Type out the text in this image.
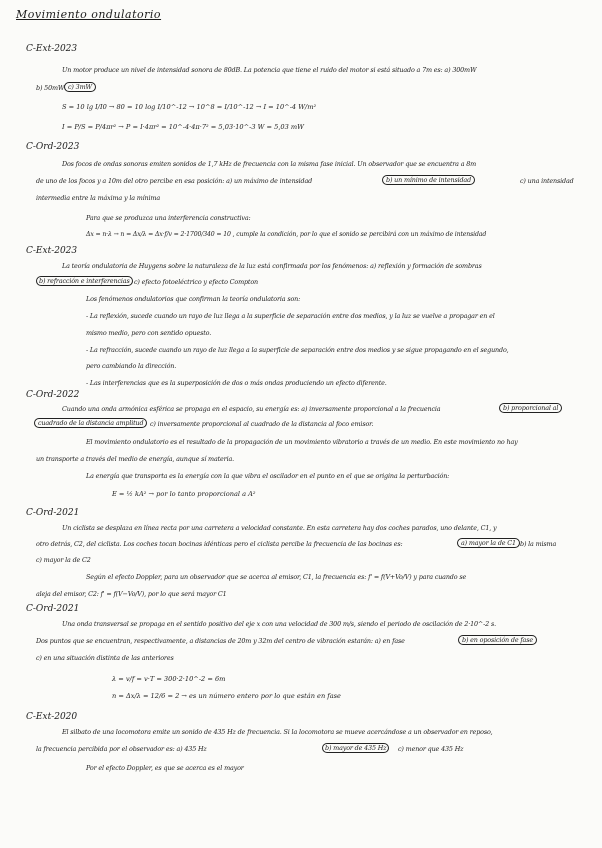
Movimiento ondulatorio
C-Ext-2023
Un motor produce un nivel de intensidad sonora de 80dB. La potencia que tiene el ruido del motor si está situado a 7m es: a) 300mW
b) 50mW c) 3mW
S = 10 lg I/I0 → 80 = 10 log I/10^-12 → 10^8 = I/10^-12 → I = 10^-4 W/m²
I = P/S = P/4πr² → P = I·4πr² = 10^-4·4π·7² = 5,03·10^-3 W = 5,03 mW
C-Ord-2023
Dos focos de ondas sonoras emiten sonidos de 1,7 kHz de frecuencia con la misma fase inicial. Un observador que se encuentra a 8m
de uno de los focos y a 10m del otro percibe en esa posición: a) un máximo de intensidad	b) un mínimo de intensidad	c) una intensidad
intermedia entre la máxima y la mínima
Para que se produzca una interferencia constructiva:
Δx = n·λ → n = Δx/λ = Δx·f/v = 2·1700/340 = 10 , cumple la condición, por lo que el sonido se percibirá con un máximo de intensidad
C-Ext-2023
La teoría ondulatoria de Huygens sobre la naturaleza de la luz está confirmada por los fenómenos: a) reflexión y formación de sombras
b) refracción e interferencias c) efecto fotoeléctrico y efecto Compton
Los fenómenos ondulatorios que confirman la teoría ondulatoria son:
- La reflexión, sucede cuando un rayo de luz llega a la superficie de separación entre dos medios, y la luz se vuelve a propagar en el
mismo medio, pero con sentido opuesto.
- La refracción, sucede cuando un rayo de luz llega a la superficie de separación entre dos medios y se sigue propagando en el segundo,
pero cambiando la dirección.
- Las interferencias que es la superposición de dos o más ondas produciendo un efecto diferente.
C-Ord-2022
Cuando una onda armónica esférica se propaga en el espacio, su energía es: a) inversamente proporcional a la frecuencia	b) proporcional al
cuadrado de la distancia amplitud	c) inversamente proporcional al cuadrado de la distancia al foco emisor.
El movimiento ondulatorio es el resultado de la propagación de un movimiento vibratorio a través de un medio. En este movimiento no hay
un transporte a través del medio de energía, aunque sí materia.
La energía que transporta es la energía con la que vibra el oscilador en el punto en el que se origina la perturbación:
E = ½ kA² → por lo tanto proporcional a A²
C-Ord-2021
Un ciclista se desplaza en línea recta por una carretera a velocidad constante. En esta carretera hay dos coches parados, uno delante, C1, y
otro detrás, C2, del ciclista. Los coches tocan bocinas idénticas pero el ciclista percibe la frecuencia de las bocinas es:	a) mayor la de C1 b) la misma
c) mayor la de C2
Según el efecto Doppler, para un observador que se acerca al emisor, C1, la frecuencia es: f' = f(V+Vo/V) y para cuando se
aleja del emisor, C2: f' = f(V−Vo/V), por lo que será mayor C1
C-Ord-2021
Una onda transversal se propaga en el sentido positivo del eje x con una velocidad de 300 m/s, siendo el periodo de oscilación de 2·10^-2 s.
Dos puntos que se encuentran, respectivamente, a distancias de 20m y 32m del centro de vibración estarán: a) en fase	b) en oposición de fase
c) en una situación distinta de las anteriores
λ = v/f = v·T = 300·2·10^-2 = 6m
n = Δx/λ = 12/6 = 2 → es un número entero por lo que están en fase
C-Ext-2020
El silbato de una locomotora emite un sonido de 435 Hz de frecuencia. Si la locomotora se mueve acercándose a un observador en reposo,
la frecuencia percibida por el observador es: a) 435 Hz	b) mayor de 435 Hz	c) menor que 435 Hz
Por el efecto Doppler, es que se acerca es el mayor
